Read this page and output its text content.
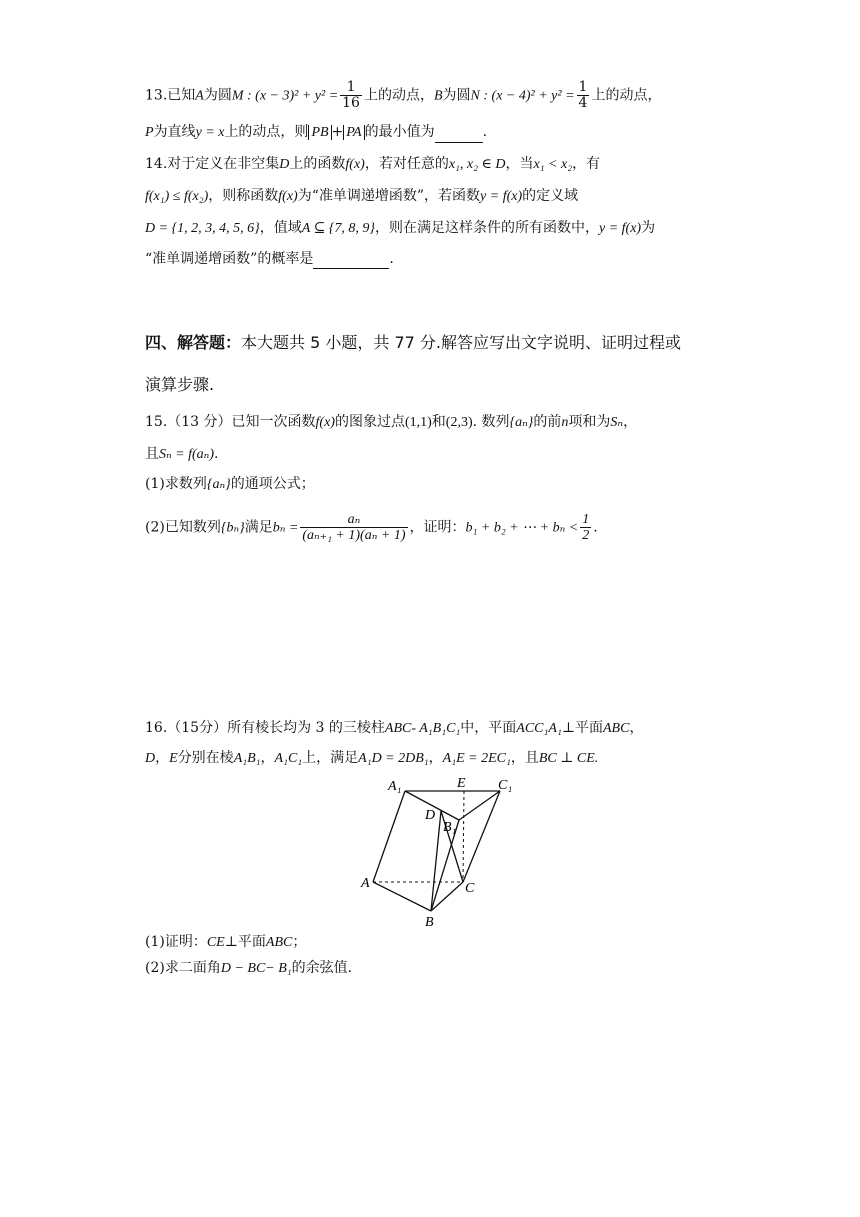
13.已知A为圆M : $(x - 3)^2 + y^2 = \frac{1}{16}$ 上的动点，B为圆N : $(x - 4)^2 + y^2 = \frac{1}{4}$ 上的动点，
P为直线y = x上的动点，则 PB + PA 的最小值为	.
14.对于定义在非空集D上的函数f(x)，若对任意的x₁, x₂ ∈ D，当x₁ < x₂，有
f(x₁) ≤ f(x₂)，则称函数f(x)为“准单调递增函数”，若函数y = f(x)的定义域
D = {1, 2, 3, 4, 5, 6}，值域A ⊆ {7, 8, 9}，则在满足这样条件的所有函数中，y = f(x)为
“准单调递增函数”的概率是	.
四、解答题：本大题共 5 小题，共 77 分.解答应写出文字说明、证明过程或
演算步骤.
15.（13 分）已知一次函数f(x)的图象过点(1,1)和(2,3). 数列{aₙ}的前n项和为Sₙ，
且Sₙ = f(aₙ).
(1)求数列{aₙ}的通项公式；
(2)已知数列{bₙ}满足$b_n = \frac{\text{aₙ}}{\text{(aₙ₊₁ + 1)(aₙ + 1)}}$ ，证明：b₁ + b₂ + ⋯ + $b_n < \frac{1}{2}$ .
16.（15分）所有棱长均为 3 的三棱柱ABC- A₁B₁C₁中，平面ACC₁A₁⊥平面ABC，
D，E分别在棱A₁B₁，A₁C₁上，满足A₁D = 2DB₁，A₁E = 2EC₁，且BC ⊥ CE.
A₁	E C₁
D
B₁
A	C
B
(1)证明：CE⊥平面ABC；
(2)求二面角D − BC− B₁的余弦值.
